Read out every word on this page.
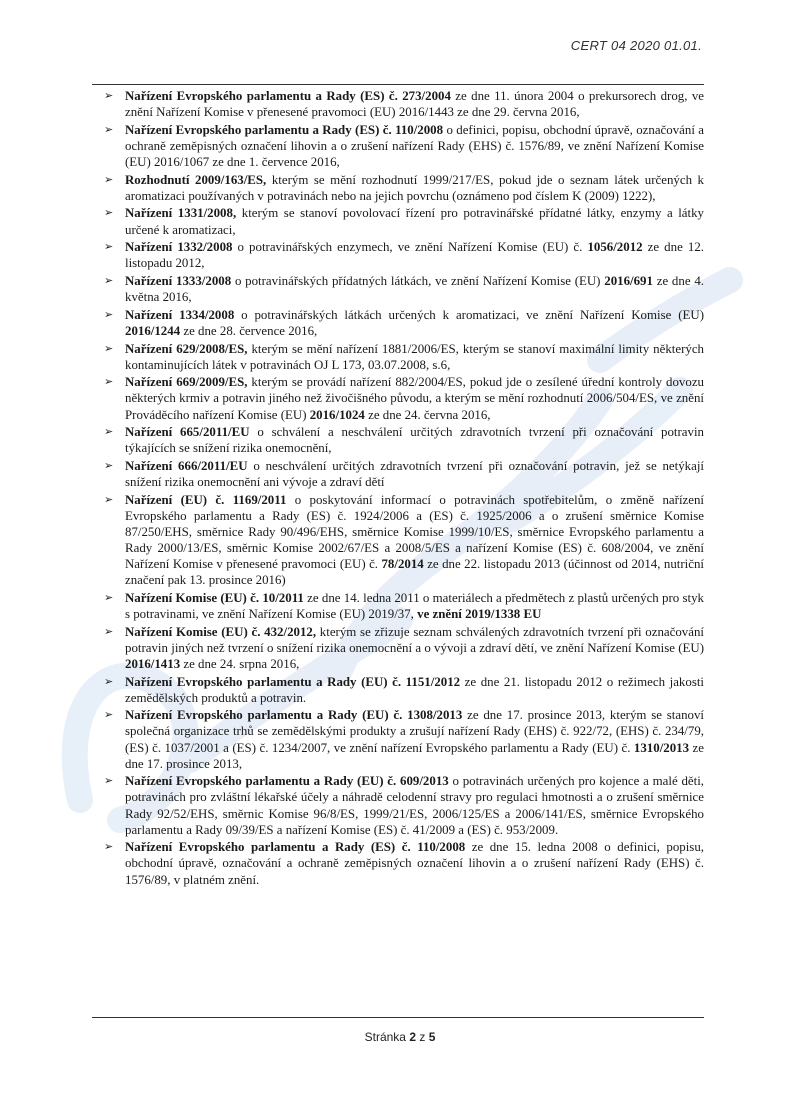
CERT 04 2020 01.01.
➢ Nařízení Evropského parlamentu a Rady (ES) č. 273/2004 ze dne 11. února 2004 o prekursorech drog, ve znění Nařízení Komise v přenesené pravomoci (EU) 2016/1443 ze dne 29. června 2016,
➢ Nařízení Evropského parlamentu a Rady (ES) č. 110/2008 o definici, popisu, obchodní úpravě, označování a ochraně zeměpisných označení lihovin a o zrušení nařízení Rady (EHS) č. 1576/89, ve znění Nařízení Komise (EU) 2016/1067 ze dne 1. července 2016,
➢ Rozhodnutí 2009/163/ES, kterým se mění rozhodnutí 1999/217/ES, pokud jde o seznam látek určených k aromatizaci používaných v potravinách nebo na jejich povrchu (oznámeno pod číslem K (2009) 1222),
➢ Nařízení 1331/2008, kterým se stanoví povolovací řízení pro potravinářské přídatné látky, enzymy a látky určené k aromatizaci,
➢ Nařízení 1332/2008 o potravinářských enzymech, ve znění Nařízení Komise (EU) č. 1056/2012 ze dne 12. listopadu 2012,
➢ Nařízení 1333/2008 o potravinářských přídatných látkách, ve znění Nařízení Komise (EU) 2016/691 ze dne 4. května 2016,
➢ Nařízení 1334/2008 o potravinářských látkách určených k aromatizaci, ve znění Nařízení Komise (EU) 2016/1244 ze dne 28. července 2016,
➢ Nařízení 629/2008/ES, kterým se mění nařízení 1881/2006/ES, kterým se stanoví maximální limity některých kontaminujících látek v potravinách OJ L 173, 03.07.2008, s.6,
➢ Nařízení 669/2009/ES, kterým se provádí nařízení 882/2004/ES, pokud jde o zesílené úřední kontroly dovozu některých krmiv a potravin jiného než živočišného původu, a kterým se mění rozhodnutí 2006/504/ES, ve znění Prováděcího nařízení Komise (EU) 2016/1024 ze dne 24. června 2016,
➢ Nařízení 665/2011/EU o schválení a neschválení určitých zdravotních tvrzení při označování potravin týkajících se snížení rizika onemocnění,
➢ Nařízení 666/2011/EU o neschválení určitých zdravotních tvrzení při označování potravin, jež se netýkají snížení rizika onemocnění ani vývoje a zdraví dětí
➢ Nařízení (EU) č. 1169/2011 o poskytování informací o potravinách spotřebitelům, o změně nařízení Evropského parlamentu a Rady (ES) č. 1924/2006 a (ES) č. 1925/2006 a o zrušení směrnice Komise 87/250/EHS, směrnice Rady 90/496/EHS, směrnice Komise 1999/10/ES, směrnice Evropského parlamentu a Rady 2000/13/ES, směrnic Komise 2002/67/ES a 2008/5/ES a nařízení Komise (ES) č. 608/2004, ve znění Nařízení Komise v přenesené pravomoci (EU) č. 78/2014 ze dne 22. listopadu 2013 (účinnost od 2014, nutriční značení pak 13. prosince 2016)
➢ Nařízení Komise (EU) č. 10/2011 ze dne 14. ledna 2011 o materiálech a předmětech z plastů určených pro styk s potravinami, ve znění Nařízení Komise (EU) 2019/37, ve znění 2019/1338 EU
➢ Nařízení Komise (EU) č. 432/2012, kterým se zřizuje seznam schválených zdravotních tvrzení při označování potravin jiných než tvrzení o snížení rizika onemocnění a o vývoji a zdraví dětí, ve znění Nařízení Komise (EU) 2016/1413 ze dne 24. srpna 2016,
➢ Nařízení Evropského parlamentu a Rady (EU) č. 1151/2012 ze dne 21. listopadu 2012 o režimech jakosti zemědělských produktů a potravin.
➢ Nařízení Evropského parlamentu a Rady (EU) č. 1308/2013 ze dne 17. prosince 2013, kterým se stanoví společná organizace trhů se zemědělskými produkty a zrušují nařízení Rady (EHS) č. 922/72, (EHS) č. 234/79, (ES) č. 1037/2001 a (ES) č. 1234/2007, ve znění nařízení Evropského parlamentu a Rady (EU) č. 1310/2013 ze dne 17. prosince 2013,
➢ Nařízení Evropského parlamentu a Rady (EU) č. 609/2013 o potravinách určených pro kojence a malé děti, potravinách pro zvláštní lékařské účely a náhradě celodenní stravy pro regulaci hmotnosti a o zrušení směrnice Rady 92/52/EHS, směrnic Komise 96/8/ES, 1999/21/ES, 2006/125/ES a 2006/141/ES, směrnice Evropského parlamentu a Rady 09/39/ES a nařízení Komise (ES) č. 41/2009 a (ES) č. 953/2009.
➢ Nařízení Evropského parlamentu a Rady (ES) č. 110/2008 ze dne 15. ledna 2008 o definici, popisu, obchodní úpravě, označování a ochraně zeměpisných označení lihovin a o zrušení nařízení Rady (EHS) č. 1576/89, v platném znění.
Stránka 2 z 5
